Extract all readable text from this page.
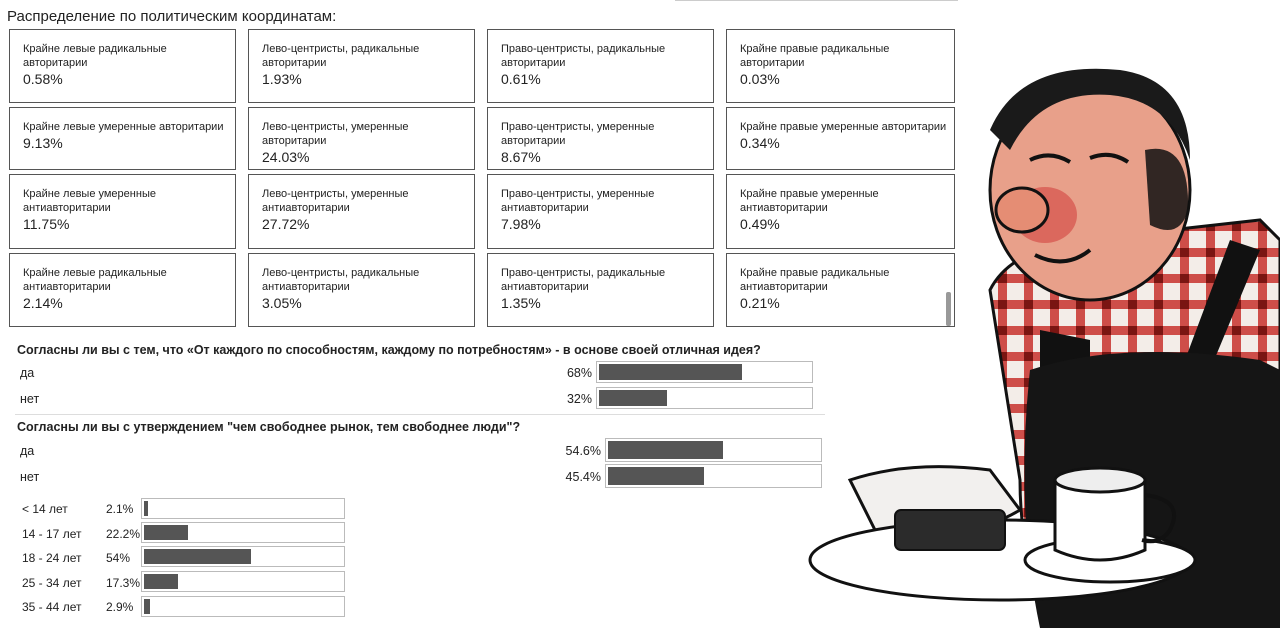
Распределение по политическим координатам:
Крайне левые радикальные авторитарии
0.58%
Лево-центристы, радикальные авторитарии
1.93%
Право-центристы, радикальные авторитарии
0.61%
Крайне правые радикальные авторитарии
0.03%
Крайне левые умеренные авторитарии
9.13%
Лево-центристы, умеренные авторитарии
24.03%
Право-центристы, умеренные авторитарии
8.67%
Крайне правые умеренные авторитарии
0.34%
Крайне левые умеренные антиавторитарии
11.75%
Лево-центристы, умеренные антиавторитарии
27.72%
Право-центристы, умеренные антиавторитарии
7.98%
Крайне правые умеренные антиавторитарии
0.49%
Крайне левые радикальные антиавторитарии
2.14%
Лево-центристы, радикальные антиавторитарии
3.05%
Право-центристы, радикальные антиавторитарии
1.35%
Крайне правые радикальные антиавторитарии
0.21%
Согласны ли вы с тем, что «От каждого по способностям, каждому по потребностям» - в основе своей отличная идея?
да	68%
нет	32%
Согласны ли вы с утверждением "чем свободнее рынок, тем свободнее люди"?
да	54.6%
нет	45.4%
< 14 лет	2.1%
14 - 17 лет 22.2%
18 - 24 лет 54%
25 - 34 лет 17.3%
35 - 44 лет 2.9%
